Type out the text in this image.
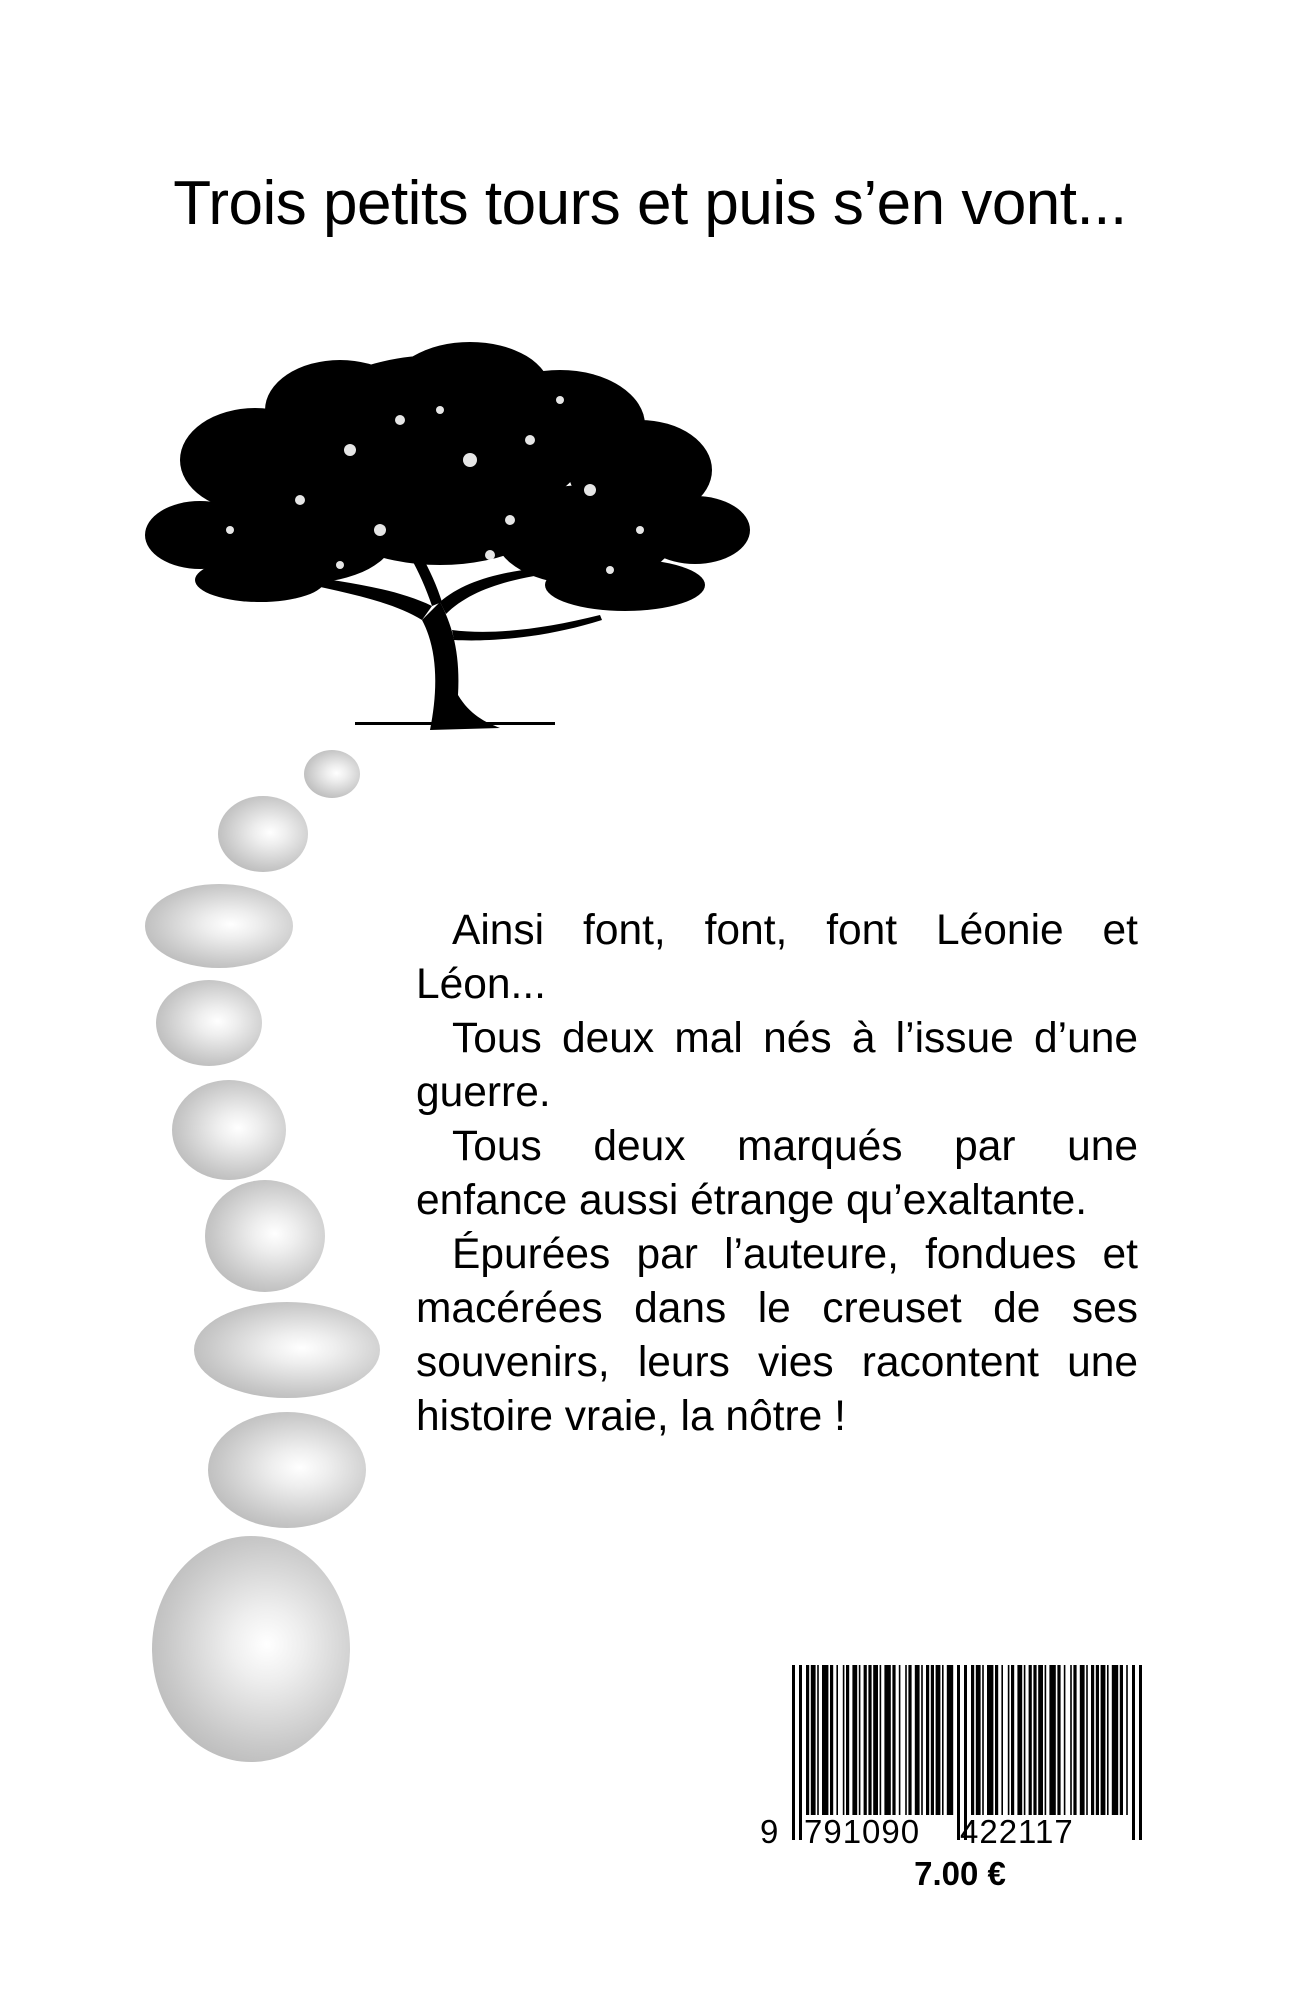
Trois petits tours et puis s’en vont...

Ainsi font, font, font Léonie et Léon...

Tous deux mal nés à l’issue d’une guerre.

Tous deux marqués par une enfance aussi étrange qu’exaltante.

Épurées par l’auteure, fondues et macérées dans le creuset de ses souvenirs, leurs vies racontent une histoire vraie, la nôtre !

9 791090 422117
7.00 €
